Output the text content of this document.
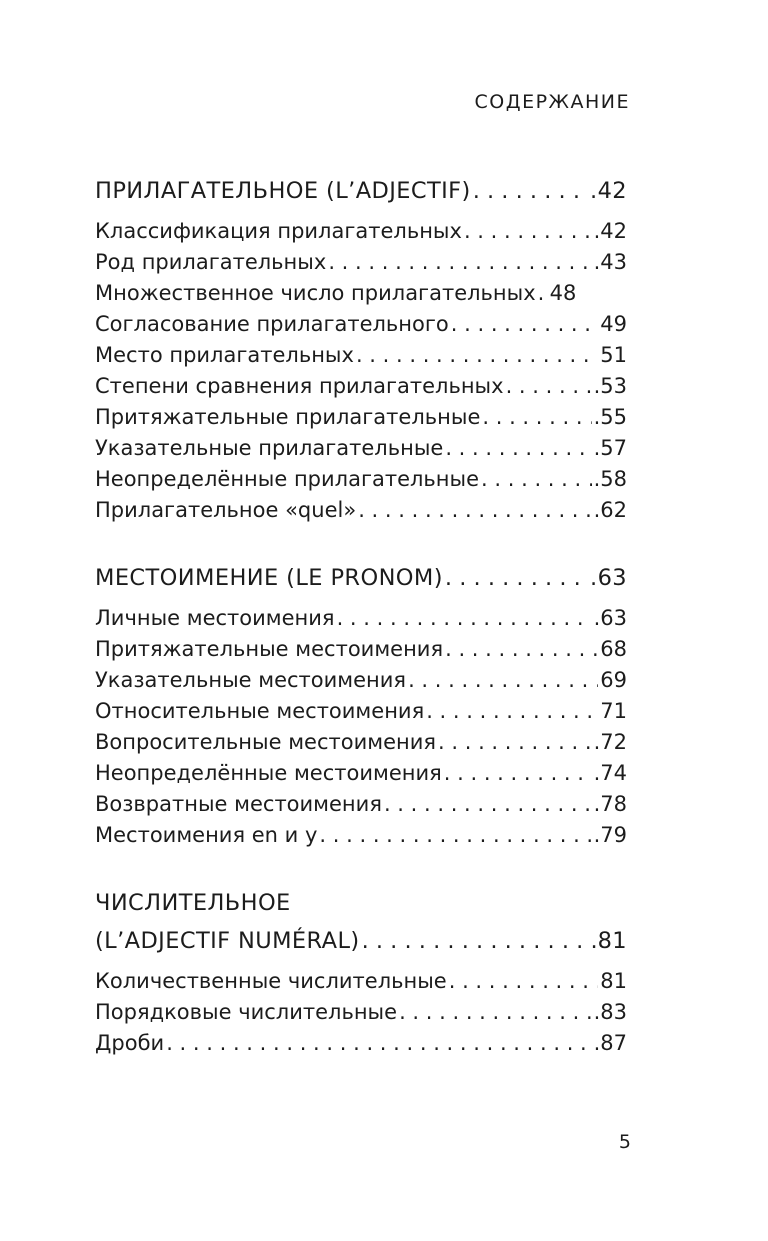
СОДЕРЖАНИЕ
ПРИЛАГАТЕЛЬНОЕ (L’ADJECTIF) . . .	.42
Классификация прилагательных . . .	.42
Род прилагательных . . .	.43
Множественное число прилагательных . . . 48
Согласование прилагательного . . .	49
Место прилагательных . . .	51
Степени сравнения прилагательных . . .	.53
Притяжательные прилагательные . . .	.55
Указательные прилагательные . . .	.57
Неопределённые прилагательные . . .	.58
Прилагательное «quel» . . .	.62
МЕСТОИМЕНИЕ (LE PRONOM) . . .	.63
Личные местоимения . . .	.63
Притяжательные местоимения . . .	68
Указательные местоимения . . .	69
Относительные местоимения . . .	71
Вопросительные местоимения . . .	.72
Неопределённые местоимения . . .	.74
Возвратные местоимения . . .	.78
Местоимения en и y . . .	.79
ЧИСЛИТЕЛЬНОЕ
(L’ADJECTIF NUMÉRAL) . . .	81
Количественные числительные . . .	81
Порядковые числительные . . .	.83
Дроби . . .	.87
5
